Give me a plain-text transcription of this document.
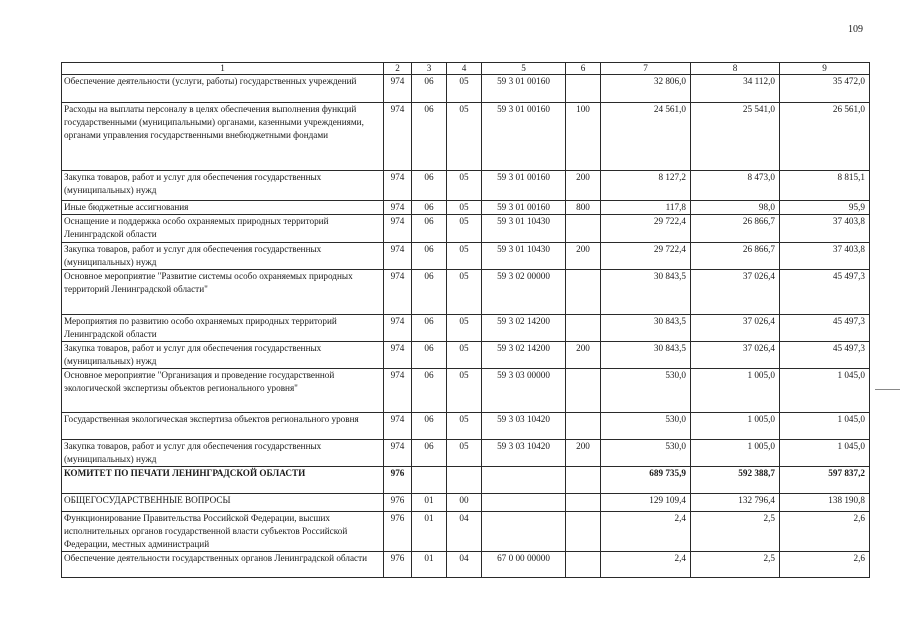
109
1	2	3	4	5	6	7	8	9
Обеспечение деятельности (услуги, работы) государственных учреждений	974	06	05	59 3 01 00160		32 806,0	34 112,0	35 472,0
Расходы на выплаты персоналу в целях обеспечения выполнения функций государственными (муниципальными) органами, казенными учреждениями, органами управления государственными внебюджетными фондами	974	06	05	59 3 01 00160	100	24 561,0	25 541,0	26 561,0
Закупка товаров, работ и услуг для обеспечения государственных (муниципальных) нужд	974	06	05	59 3 01 00160	200	8 127,2	8 473,0	8 815,1
Иные бюджетные ассигнования	974	06	05	59 3 01 00160	800	117,8	98,0	95,9
Оснащение и поддержка особо охраняемых природных территорий Ленинградской области	974	06	05	59 3 01 10430		29 722,4	26 866,7	37 403,8
Закупка товаров, работ и услуг для обеспечения государственных (муниципальных) нужд	974	06	05	59 3 01 10430	200	29 722,4	26 866,7	37 403,8
Основное мероприятие "Развитие системы особо охраняемых природных территорий Ленинградской области"	974	06	05	59 3 02 00000		30 843,5	37 026,4	45 497,3
Мероприятия по развитию особо охраняемых природных территорий Ленинградской области	974	06	05	59 3 02 14200		30 843,5	37 026,4	45 497,3
Закупка товаров, работ и услуг для обеспечения государственных (муниципальных) нужд	974	06	05	59 3 02 14200	200	30 843,5	37 026,4	45 497,3
Основное мероприятие "Организация и проведение государственной экологической экспертизы объектов регионального уровня"	974	06	05	59 3 03 00000		530,0	1 005,0	1 045,0
Государственная экологическая экспертиза объектов регионального уровня	974	06	05	59 3 03 10420		530,0	1 005,0	1 045,0
Закупка товаров, работ и услуг для обеспечения государственных (муниципальных) нужд	974	06	05	59 3 03 10420	200	530,0	1 005,0	1 045,0
КОМИТЕТ ПО ПЕЧАТИ ЛЕНИНГРАДСКОЙ ОБЛАСТИ	976					689 735,9	592 388,7	597 837,2
ОБЩЕГОСУДАРСТВЕННЫЕ ВОПРОСЫ	976	01	00			129 109,4	132 796,4	138 190,8
Функционирование Правительства Российской Федерации, высших исполнительных органов государственной власти субъектов Российской Федерации, местных администраций	976	01	04			2,4	2,5	2,6
Обеспечение деятельности государственных органов Ленинградской области	976	01	04	67 0 00 00000		2,4	2,5	2,6
